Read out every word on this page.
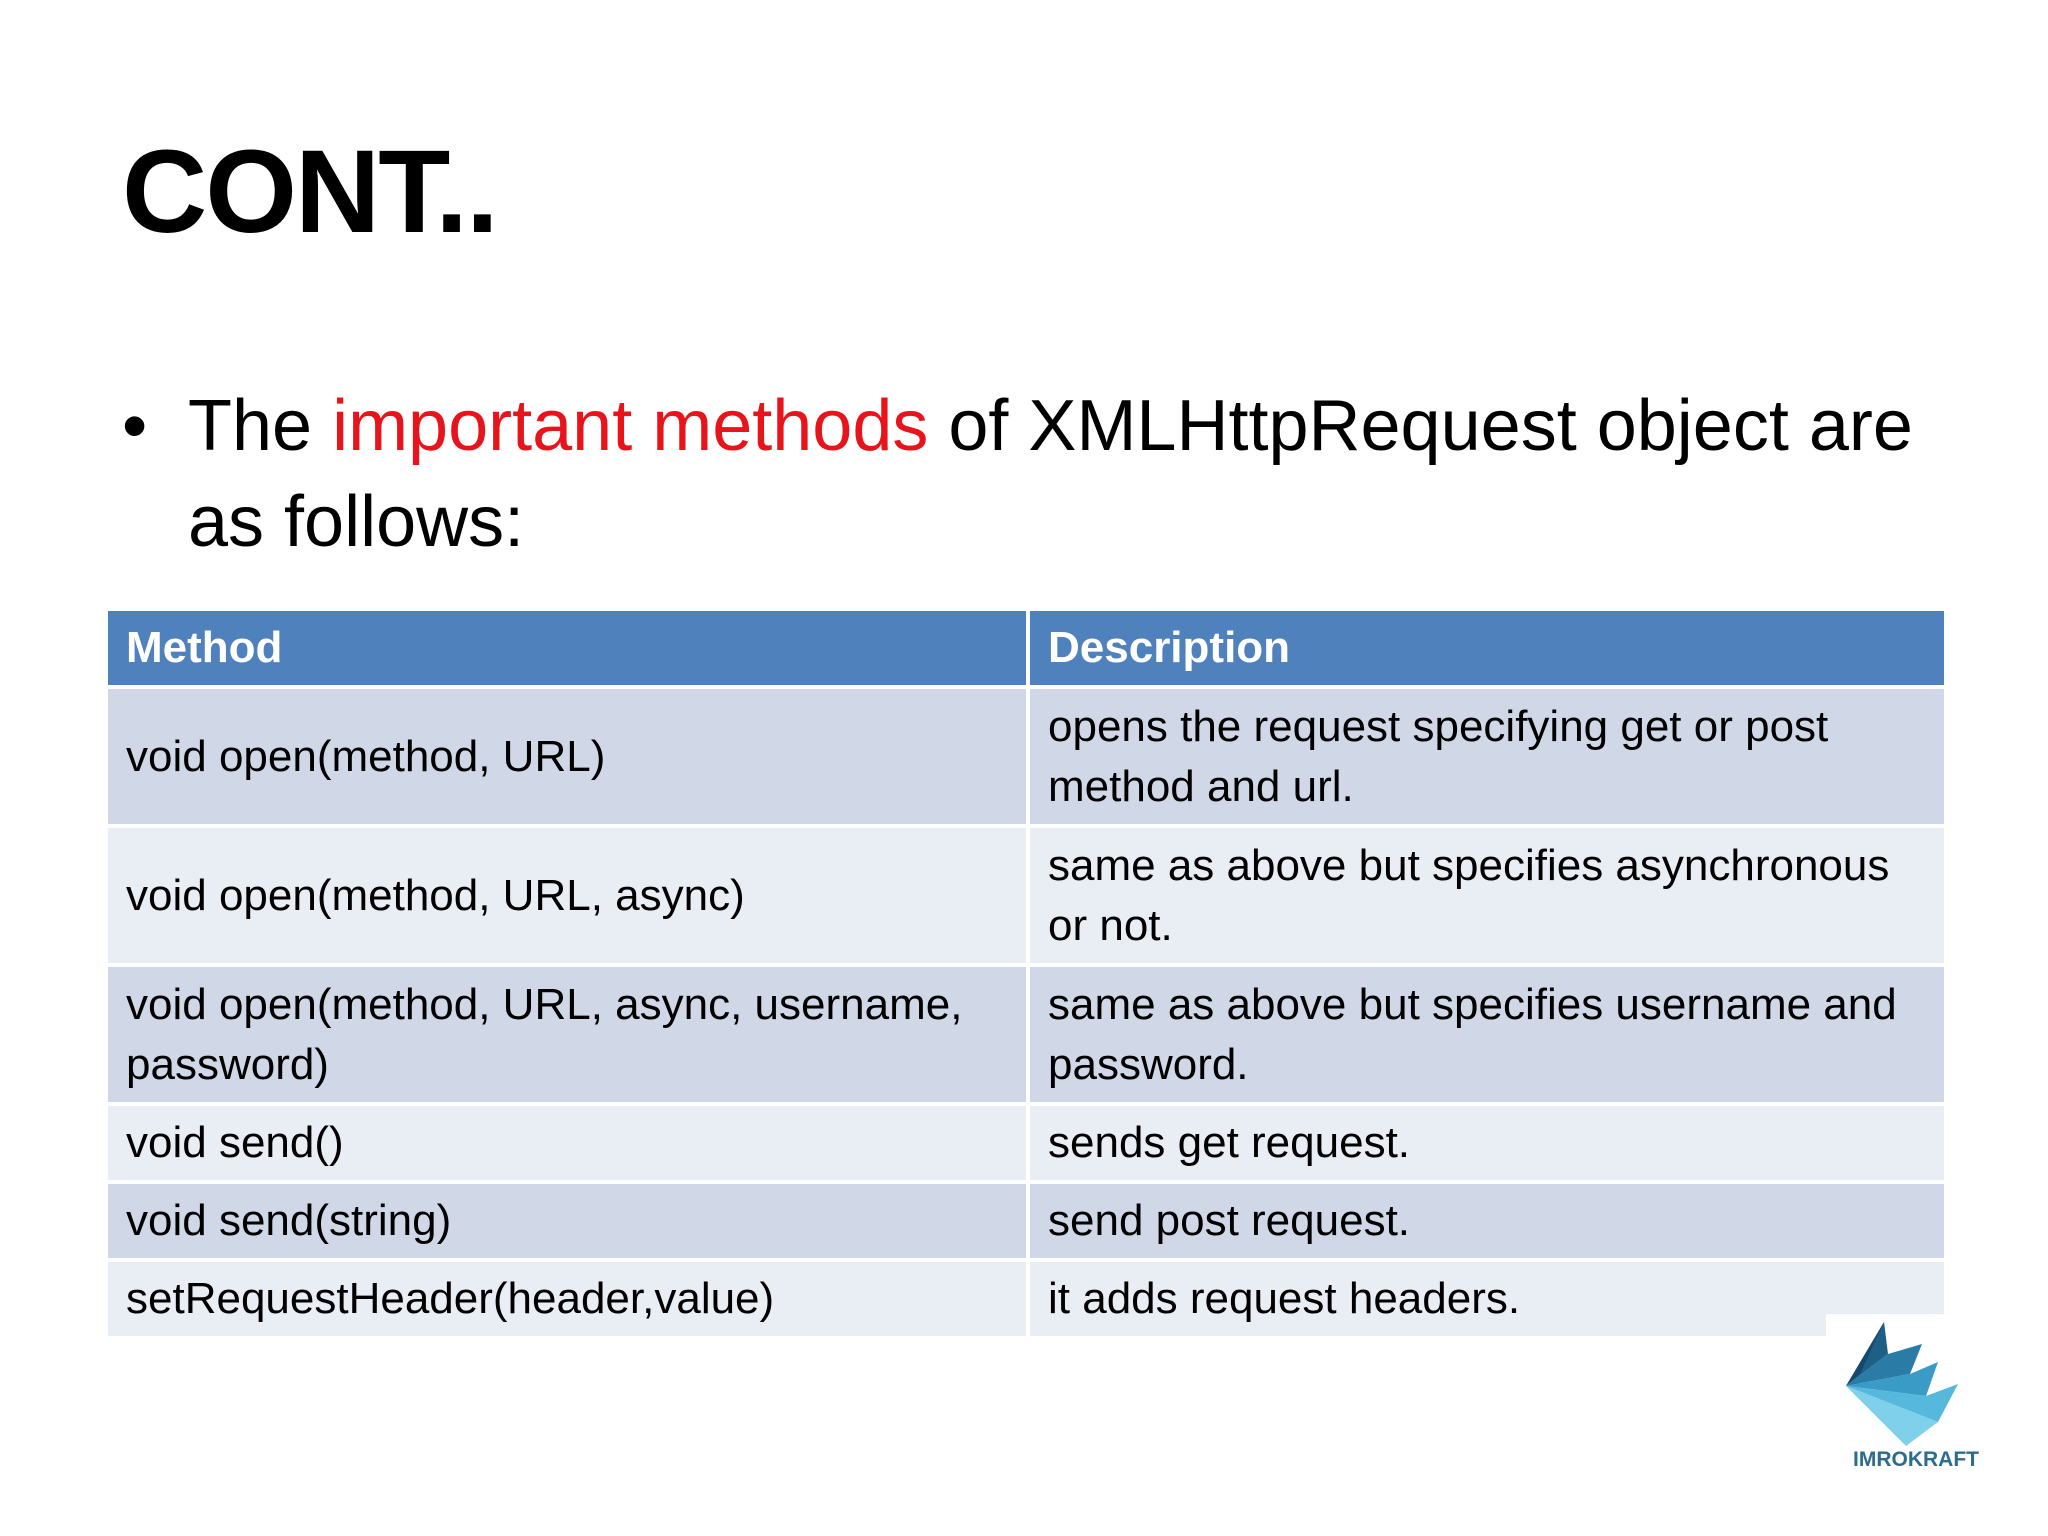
CONT..
• The important methods of XMLHttpRequest object are as follows:
Method	Description
void open(method, URL)	opens the request specifying get or post method and url.
void open(method, URL, async)	same as above but specifies asynchronous or not.
void open(method, URL, async, username, password)	same as above but specifies username and password.
void send()	sends get request.
void send(string)	send post request.
setRequestHeader(header,value)	it adds request headers.
IMROKRAFT
